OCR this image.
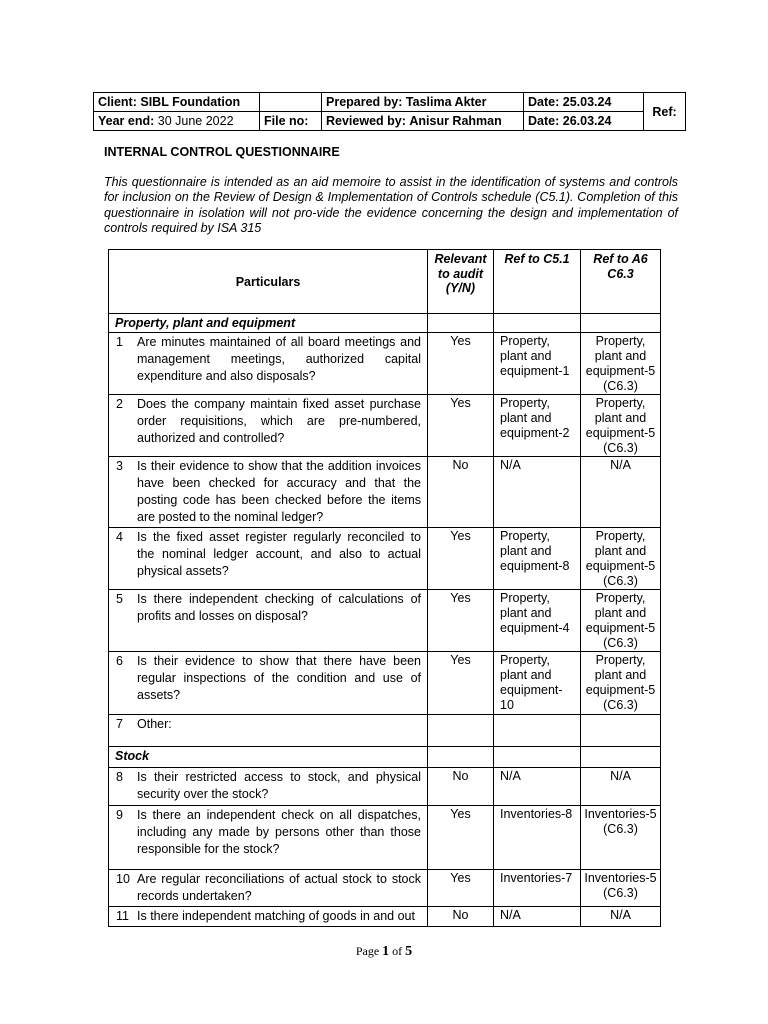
Client: SIBL Foundation		Prepared by: Taslima Akter	Date: 25.03.24	Ref:
Year end: 30 June 2022	File no:	Reviewed by: Anisur Rahman	Date: 26.03.24	
INTERNAL CONTROL QUESTIONNAIRE

This questionnaire is intended as an aid memoire to assist in the identification of systems and controls for inclusion on the Review of Design & Implementation of Controls schedule (C5.1). Completion of this questionnaire in isolation will not pro-vide the evidence concerning the design and implementation of controls required by ISA 315

Particulars	Relevant to audit (Y/N)	Ref to C5.1	Ref to A6 C6.3
Property, plant and equipment			

1 Are minutes maintained of all board meetings and management meetings, authorized capital expenditure and also disposals?	Yes	Property, plant and equipment-1	Property, plant and equipment-5 (C6.3)

2 Does the company maintain fixed asset purchase order requisitions, which are pre-numbered, authorized and controlled?	Yes	Property, plant and equipment-2	Property, plant and equipment-5 (C6.3)

3 Is their evidence to show that the addition invoices have been checked for accuracy and that the posting code has been checked before the items are posted to the nominal ledger?	No	N/A	N/A

4 Is the fixed asset register regularly reconciled to the nominal ledger account, and also to actual physical assets?	Yes	Property, plant and equipment-8	Property, plant and equipment-5 (C6.3)

5 Is there independent checking of calculations of profits and losses on disposal?	Yes	Property, plant and equipment-4	Property, plant and equipment-5 (C6.3)

6 Is their evidence to show that there have been regular inspections of the condition and use of assets?	Yes	Property, plant and equipment-10	Property, plant and equipment-5 (C6.3)

7 Other:			
Stock			

8 Is their restricted access to stock, and physical security over the stock?	No	N/A	N/A

9 Is there an independent check on all dispatches, including any made by persons other than those responsible for the stock?	Yes	Inventories-8	Inventories-5 (C6.3)

10 Are regular reconciliations of actual stock to stock records undertaken?	Yes	Inventories-7	Inventories-5 (C6.3)

11 Is there independent matching of goods in and out	No	N/A	N/A
Page 1 of 5
